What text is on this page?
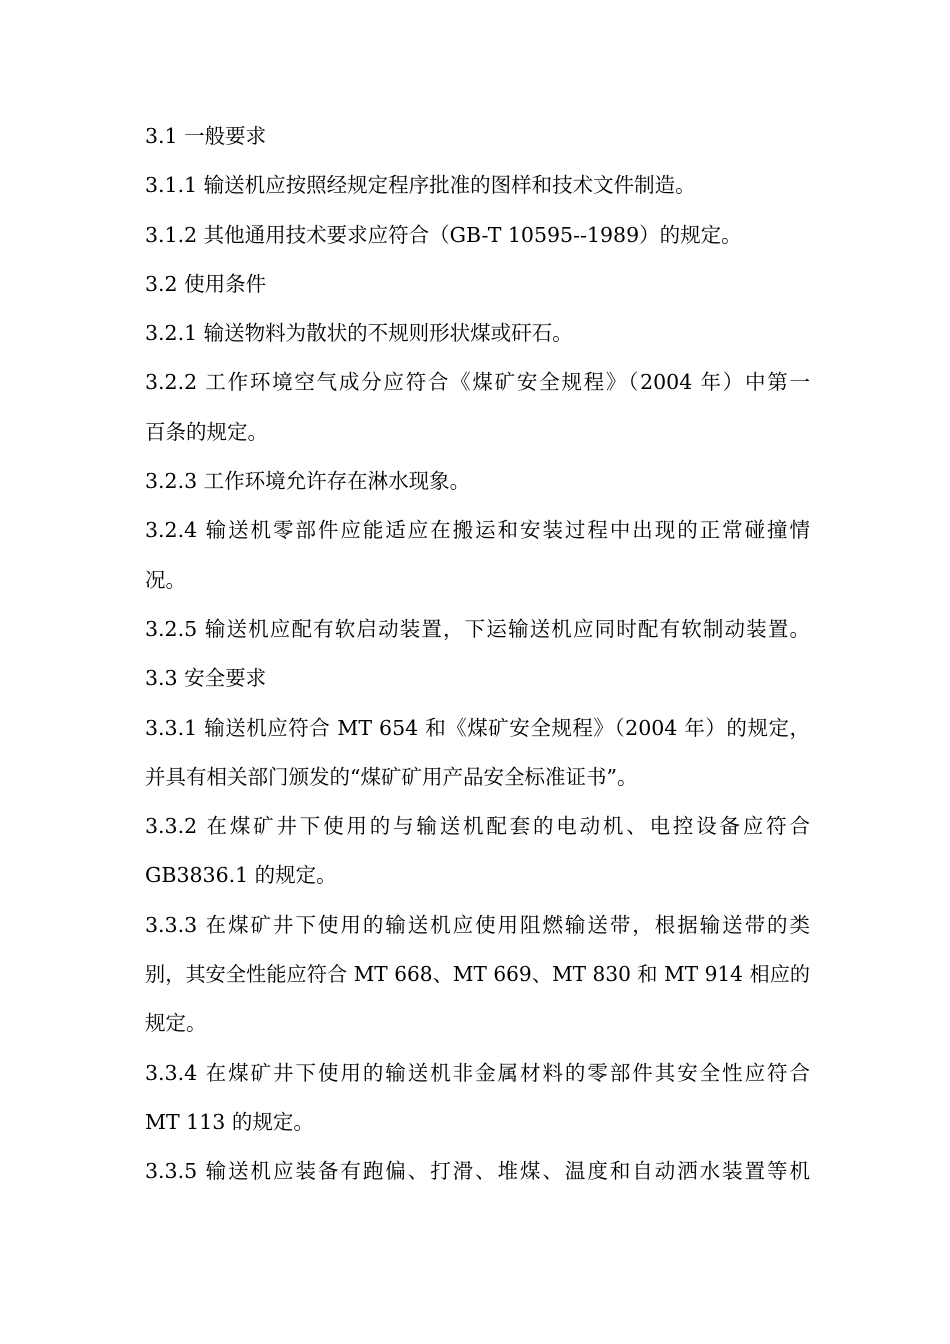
3.1 一般要求
3.1.1 输送机应按照经规定程序批准的图样和技术文件制造。
3.1.2 其他通用技术要求应符合（GB-T 10595--1989）的规定。
3.2 使用条件
3.2.1 输送物料为散状的不规则形状煤或矸石。
3.2.2 工作环境空气成分应符合《煤矿安全规程》（2004 年）中第一
百条的规定。
3.2.3 工作环境允许存在淋水现象。
3.2.4 输送机零部件应能适应在搬运和安装过程中出现的正常碰撞情
况。
3.2.5 输送机应配有软启动装置，下运输送机应同时配有软制动装置。
3.3 安全要求
3.3.1 输送机应符合 MT 654 和《煤矿安全规程》（2004 年）的规定，
并具有相关部门颁发的“煤矿矿用产品安全标准证书”。
3.3.2 在煤矿井下使用的与输送机配套的电动机、电控设备应符合
GB3836.1 的规定。
3.3.3 在煤矿井下使用的输送机应使用阻燃输送带，根据输送带的类
别，其安全性能应符合 MT 668、MT 669、MT 830 和 MT 914 相应的
规定。
3.3.4 在煤矿井下使用的输送机非金属材料的零部件其安全性应符合
MT 113 的规定。
3.3.5 输送机应装备有跑偏、打滑、堆煤、温度和自动洒水装置等机
